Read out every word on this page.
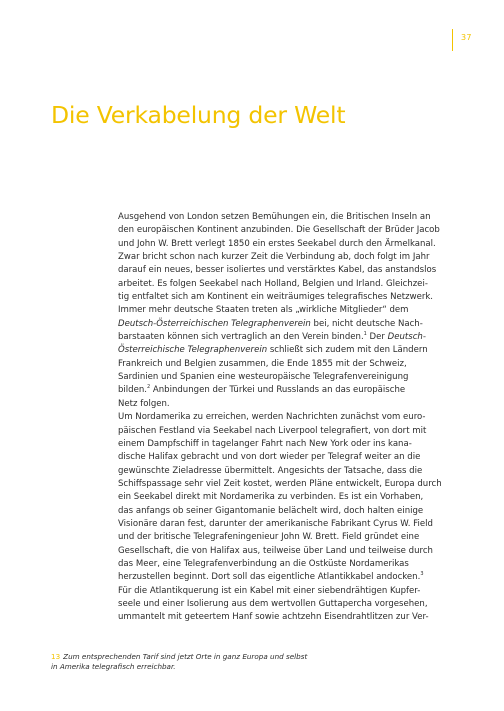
37
Die Verkabelung der Welt
Ausgehend von London setzen Bemühungen ein, die Britischen Inseln an
den europäischen Kontinent anzubinden. Die Gesellschaft der Brüder Jacob
und John W. Brett verlegt 1850 ein erstes Seekabel durch den Ärmelkanal.
Zwar bricht schon nach kurzer Zeit die Verbindung ab, doch folgt im Jahr
darauf ein neues, besser isoliertes und verstärktes Kabel, das anstandslos
arbeitet. Es folgen Seekabel nach Holland, Belgien und Irland. Gleichzei-
tig entfaltet sich am Kontinent ein weiträumiges telegrafisches Netzwerk.
Immer mehr deutsche Staaten treten als „wirkliche Mitglieder“ dem
Deutsch-Österreichischen Telegraphenverein bei, nicht deutsche Nach-
barstaaten können sich vertraglich an den Verein binden.$^1$ Der Deutsch-
Österreichische Telegraphenverein schließt sich zudem mit den Ländern
Frankreich und Belgien zusammen, die Ende 1855 mit der Schweiz,
Sardinien und Spanien eine westeuropäische Telegrafenvereinigung
bilden.$^2$ Anbindungen der Türkei und Russlands an das europäische
Netz folgen.
Um Nordamerika zu erreichen, werden Nachrichten zunächst vom euro-
päischen Festland via Seekabel nach Liverpool telegrafiert, von dort mit
einem Dampfschiff in tagelanger Fahrt nach New York oder ins kana-
dische Halifax gebracht und von dort wieder per Telegraf weiter an die
gewünschte Zieladresse übermittelt. Angesichts der Tatsache, dass die
Schiffspassage sehr viel Zeit kostet, werden Pläne entwickelt, Europa durch
ein Seekabel direkt mit Nordamerika zu verbinden. Es ist ein Vorhaben,
das anfangs ob seiner Gigantomanie belächelt wird, doch halten einige
Visionäre daran fest, darunter der amerikanische Fabrikant Cyrus W. Field
und der britische Telegrafeningenieur John W. Brett. Field gründet eine
Gesellschaft, die von Halifax aus, teilweise über Land und teilweise durch
das Meer, eine Telegrafenverbindung an die Ostküste Nordamerikas
herzustellen beginnt. Dort soll das eigentliche Atlantikkabel andocken.$^3$
Für die Atlantikquerung ist ein Kabel mit einer siebendrähtigen Kupfer-
seele und einer Isolierung aus dem wertvollen Guttapercha vorgesehen,
ummantelt mit geteertem Hanf sowie achtzehn Eisendrahtlitzen zur Ver-
13 Zum entsprechenden Tarif sind jetzt Orte in ganz Europa und selbst
in Amerika telegrafisch erreichbar.
